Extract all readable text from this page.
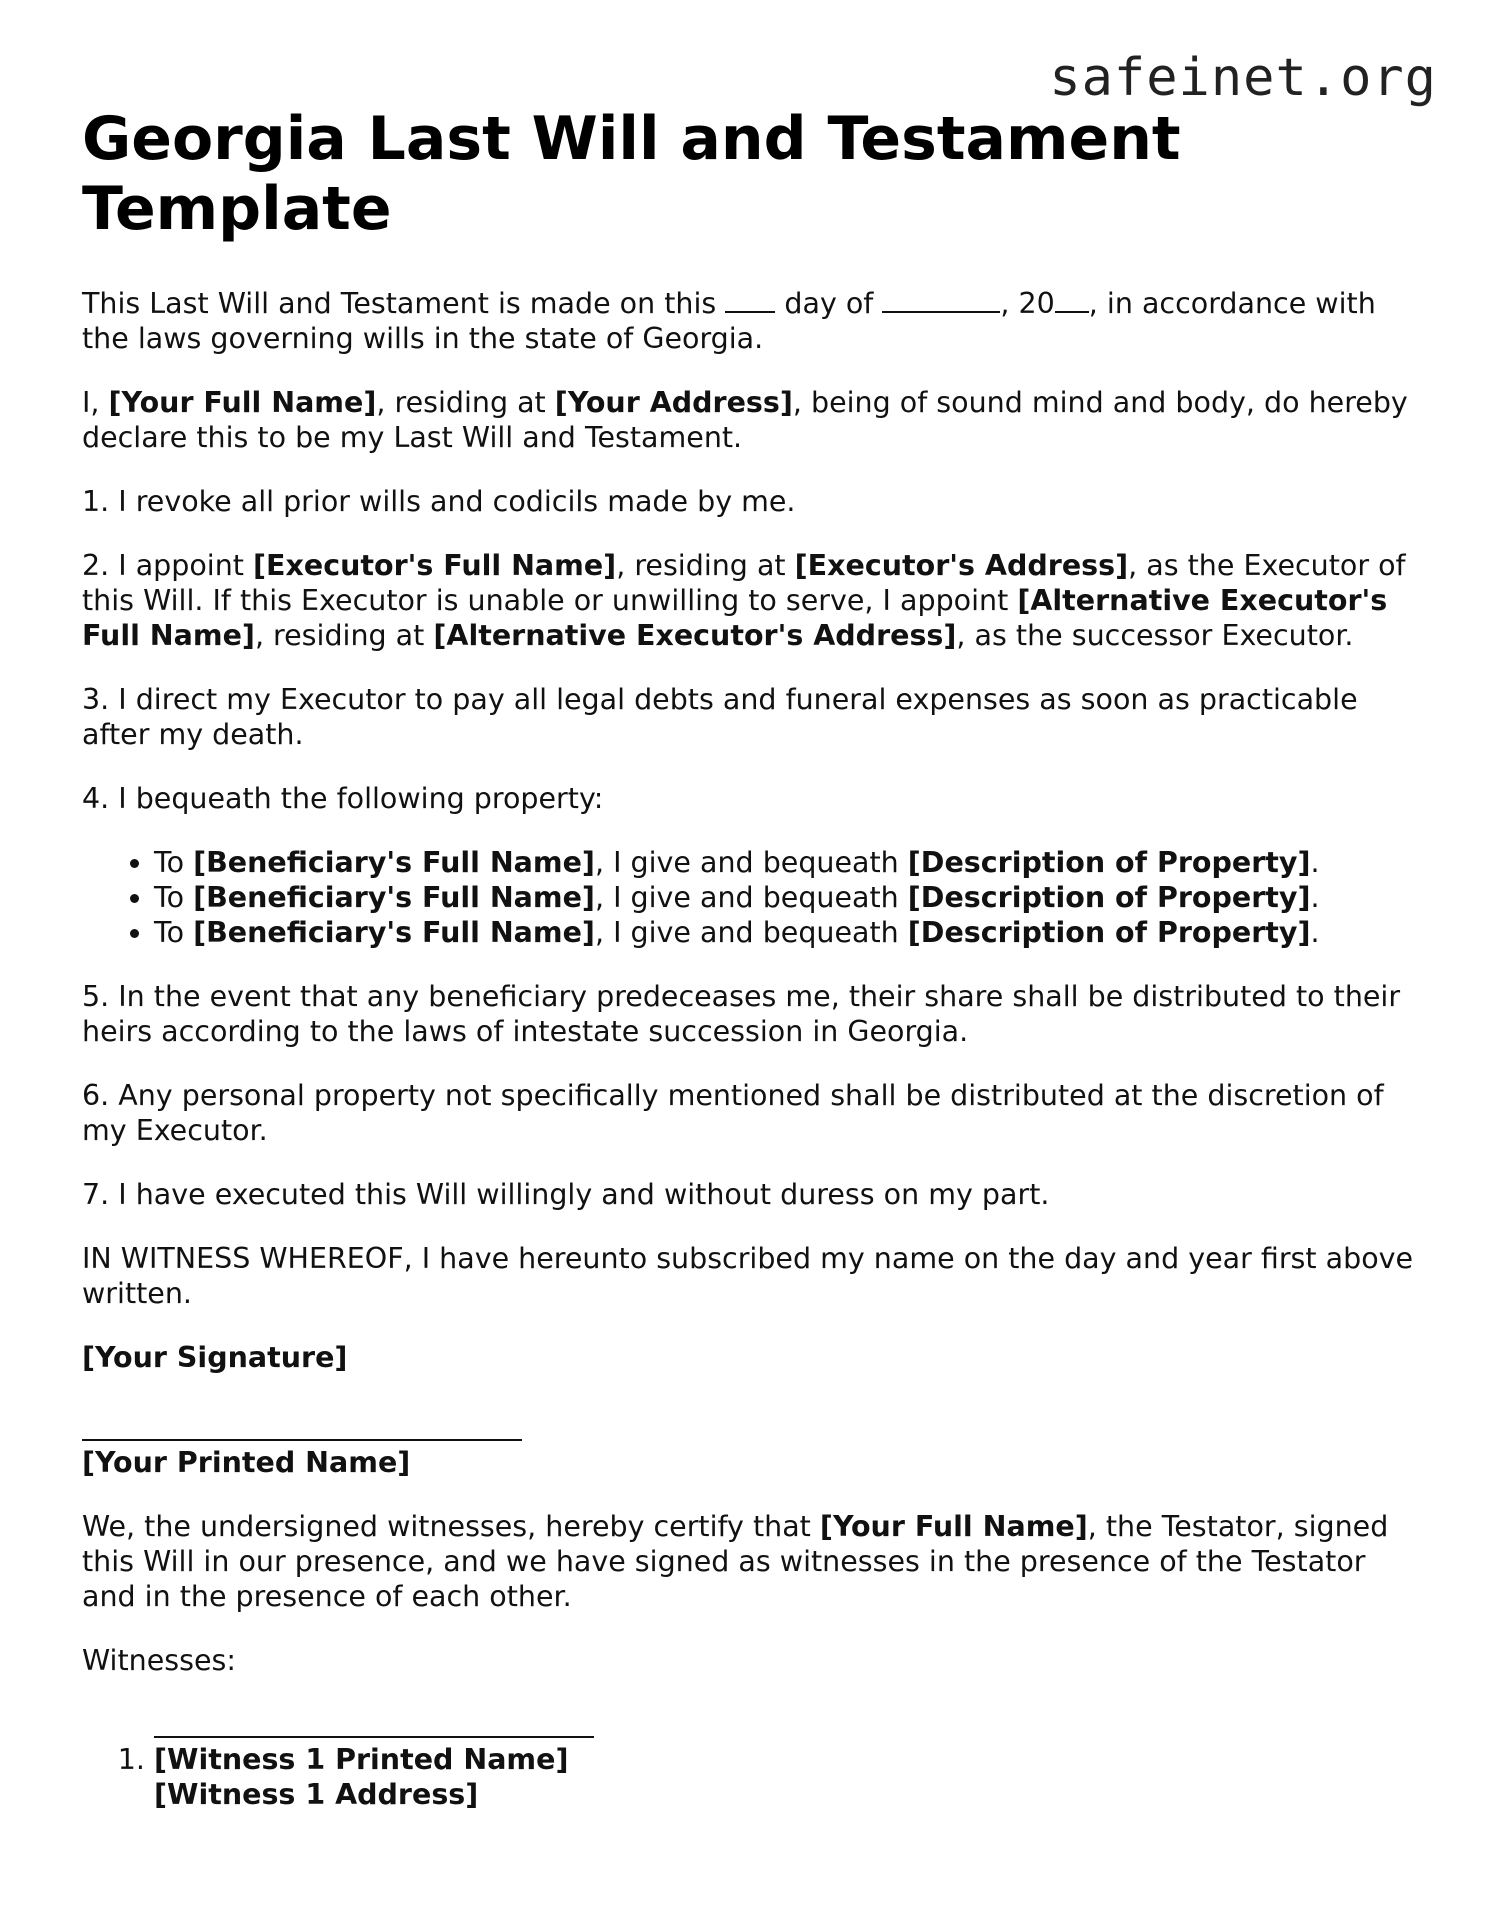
safeinet.org
Georgia Last Will and Testament Template

This Last Will and Testament is made on this day of	, 20 , in accordance with the laws governing wills in the state of Georgia.

I, [Your Full Name], residing at [Your Address], being of sound mind and body, do hereby declare this to be my Last Will and Testament.

1. I revoke all prior wills and codicils made by me.

2. I appoint [Executor's Full Name], residing at [Executor's Address], as the Executor of this Will. If this Executor is unable or unwilling to serve, I appoint [Alternative Executor's Full Name], residing at [Alternative Executor's Address], as the successor Executor.

3. I direct my Executor to pay all legal debts and funeral expenses as soon as practicable after my death.

4. I bequeath the following property:

• To [Beneficiary's Full Name], I give and bequeath [Description of Property].
• To [Beneficiary's Full Name], I give and bequeath [Description of Property].
• To [Beneficiary's Full Name], I give and bequeath [Description of Property].

5. In the event that any beneficiary predeceases me, their share shall be distributed to their heirs according to the laws of intestate succession in Georgia.

6. Any personal property not specifically mentioned shall be distributed at the discretion of my Executor.

7. I have executed this Will willingly and without duress on my part.

IN WITNESS WHEREOF, I have hereunto subscribed my name on the day and year first above written.

[Your Signature]
[Your Printed Name]

We, the undersigned witnesses, hereby certify that [Your Full Name], the Testator, signed this Will in our presence, and we have signed as witnesses in the presence of the Testator and in the presence of each other.

Witnesses:

1. [Witness 1 Printed Name]
[Witness 1 Address]
